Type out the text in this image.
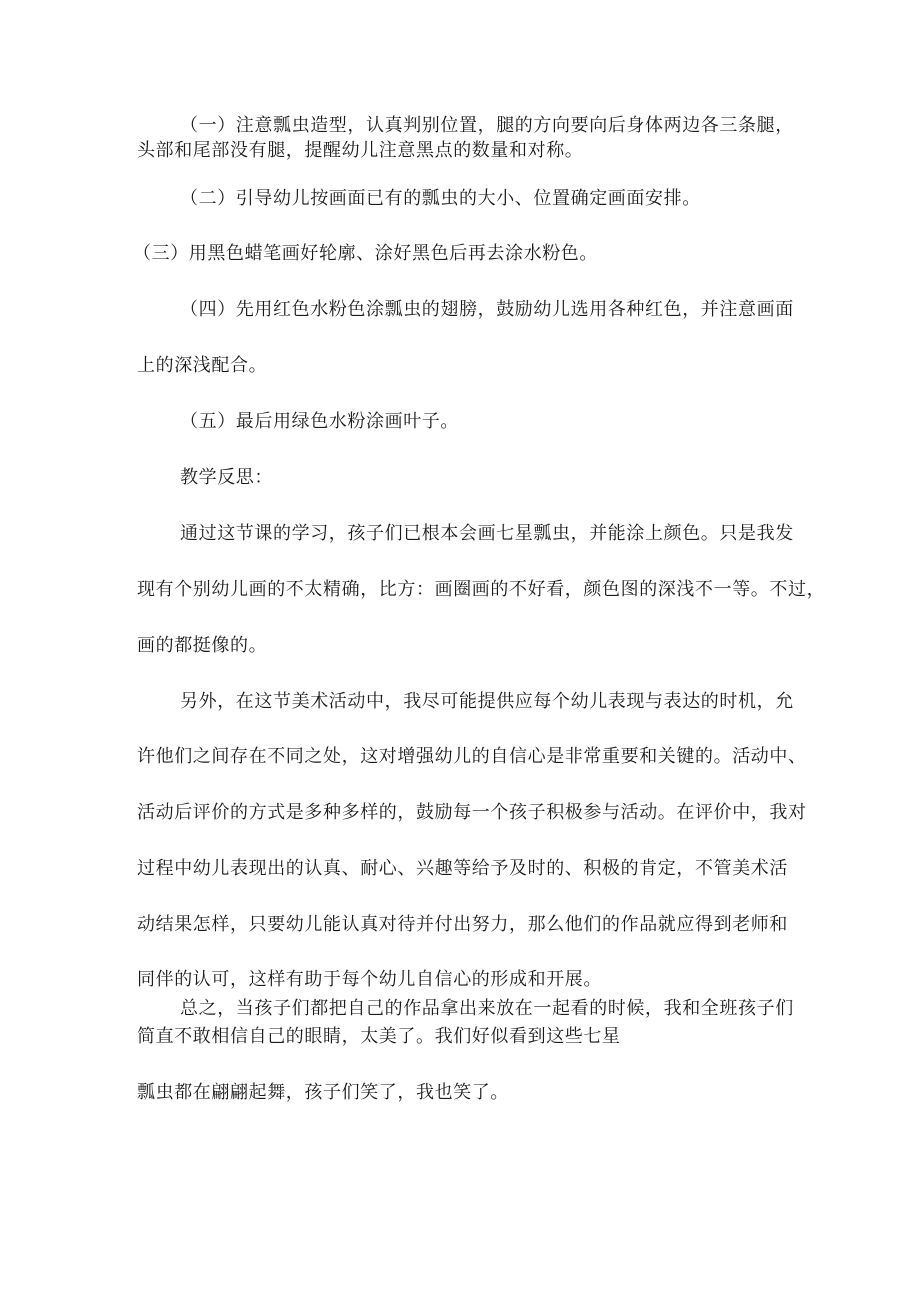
（一）注意瓢虫造型，认真判别位置，腿的方向要向后身体两边各三条腿，

头部和尾部没有腿，提醒幼儿注意黑点的数量和对称。

（二）引导幼儿按画面已有的瓢虫的大小、位置确定画面安排。

（三）用黑色蜡笔画好轮廓、涂好黑色后再去涂水粉色。

（四）先用红色水粉色涂瓢虫的翅膀，鼓励幼儿选用各种红色，并注意画面

上的深浅配合。

（五）最后用绿色水粉涂画叶子。

教学反思：

通过这节课的学习，孩子们已根本会画七星瓢虫，并能涂上颜色。只是我发

现有个别幼儿画的不太精确，比方：画圈画的不好看，颜色图的深浅不一等。不过，

画的都挺像的。

另外，在这节美术活动中，我尽可能提供应每个幼儿表现与表达的时机，允

许他们之间存在不同之处，这对增强幼儿的自信心是非常重要和关键的。活动中、

活动后评价的方式是多种多样的，鼓励每一个孩子积极参与活动。在评价中，我对

过程中幼儿表现出的认真、耐心、兴趣等给予及时的、积极的肯定，不管美术活

动结果怎样，只要幼儿能认真对待并付出努力，那么他们的作品就应得到老师和

同伴的认可，这样有助于每个幼儿自信心的形成和开展。

总之，当孩子们都把自己的作品拿出来放在一起看的时候，我和全班孩子们

简直不敢相信自己的眼睛，太美了。我们好似看到这些七星

瓢虫都在翩翩起舞，孩子们笑了，我也笑了。
